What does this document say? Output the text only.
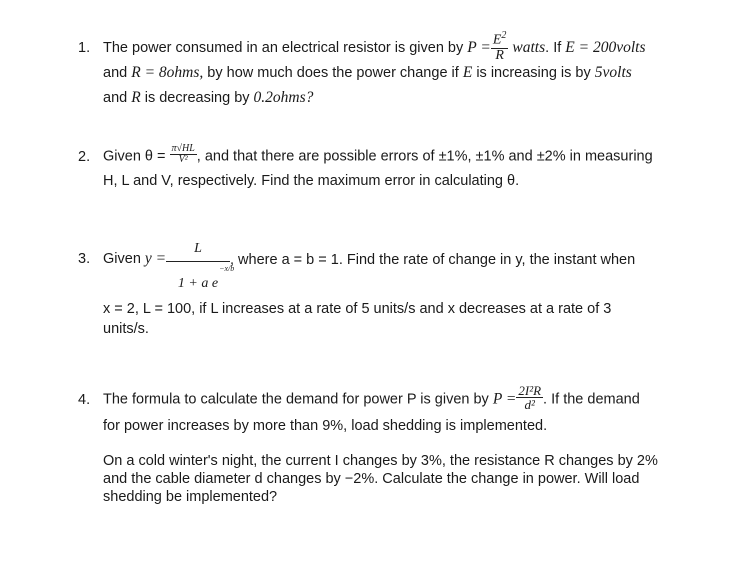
1. The power consumed in an electrical resistor is given by $P = \frac{E^2}{R}$ watts. If E = 200volts
and R = 8ohms, by how much does the power change if E is increasing is by 5volts
and R is decreasing by 0.2ohms?
2. Given $\theta = \frac{\pi√HL}{\text{V²}}$ , and that there are possible errors of ±1%, ±1% and ±2% in measuring
H, L and V, respectively. Find the maximum error in calculating θ.
3. Given y =
L
1 + a e
−x/b
, where a = b = 1. Find the rate of change in y, the instant when
x = 2, L = 100, if L increases at a rate of 5 units/s and x decreases at a rate of 3
units/s.
4. The formula to calculate the demand for power P is given by $P = \frac{\text{2I²R}}{\text{d²}}$ . If the demand
for power increases by more than 9%, load shedding is implemented.
On a cold winter's night, the current I changes by 3%, the resistance R changes by 2% and the cable diameter d changes by −2%. Calculate the change in power. Will load shedding be implemented?
